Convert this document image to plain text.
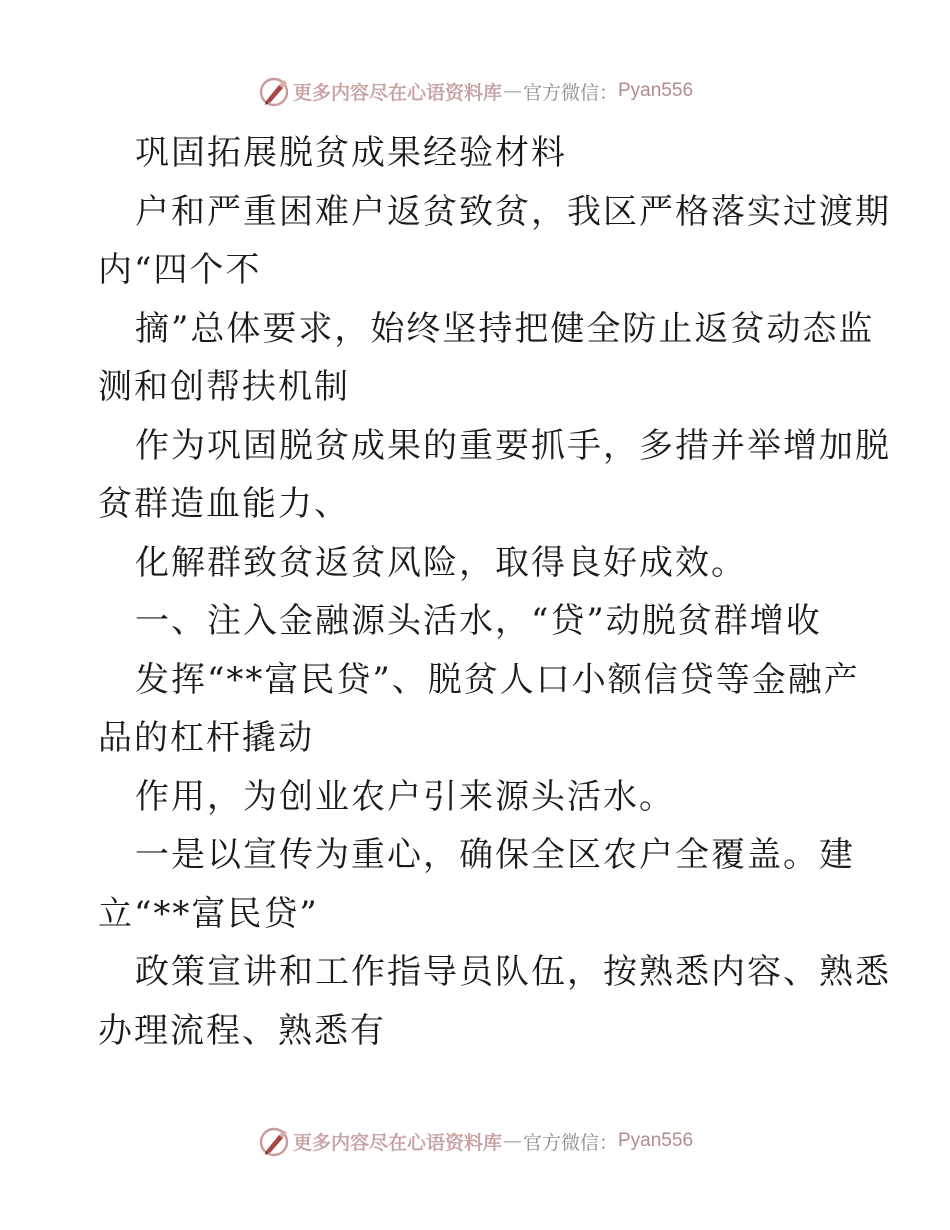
更多内容尽在心语资料库 — 官方微信： Pyan556
巩固拓展脱贫成果经验材料
户和严重困难户返贫致贫，我区严格落实过渡期
内“四个不
摘”总体要求，始终坚持把健全防止返贫动态监
测和创帮扶机制
作为巩固脱贫成果的重要抓手，多措并举增加脱
贫群造血能力、
化解群致贫返贫风险，取得良好成效。
一、注入金融源头活水，“贷”动脱贫群增收
发挥“**富民贷”、脱贫人口小额信贷等金融产
品的杠杆撬动
作用，为创业农户引来源头活水。
一是以宣传为重心，确保全区农户全覆盖。建
立“**富民贷”
政策宣讲和工作指导员队伍，按熟悉内容、熟悉
办理流程、熟悉有
更多内容尽在心语资料库 — 官方微信： Pyan556
